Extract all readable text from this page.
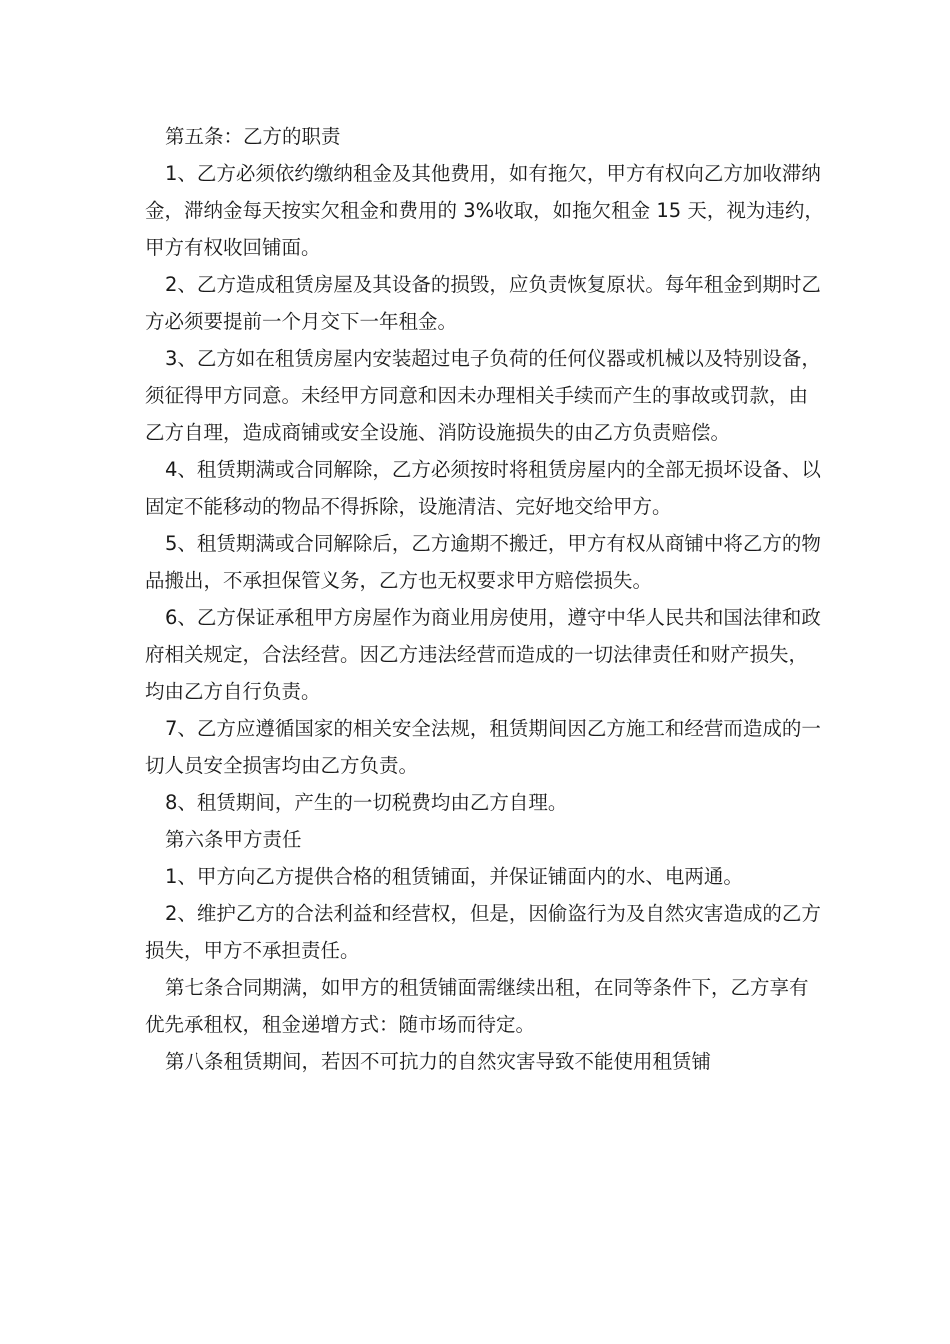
第五条：乙方的职责

1、乙方必须依约缴纳租金及其他费用，如有拖欠，甲方有权向乙方加收滞纳金，滞纳金每天按实欠租金和费用的 3%收取，如拖欠租金 15 天，视为违约，甲方有权收回铺面。

2、乙方造成租赁房屋及其设备的损毁，应负责恢复原状。每年租金到期时乙方必须要提前一个月交下一年租金。

3、乙方如在租赁房屋内安装超过电子负荷的任何仪器或机械以及特别设备，须征得甲方同意。未经甲方同意和因未办理相关手续而产生的事故或罚款，由乙方自理，造成商铺或安全设施、消防设施损失的由乙方负责赔偿。

4、租赁期满或合同解除，乙方必须按时将租赁房屋内的全部无损坏设备、以固定不能移动的物品不得拆除，设施清洁、完好地交给甲方。

5、租赁期满或合同解除后，乙方逾期不搬迁，甲方有权从商铺中将乙方的物品搬出，不承担保管义务，乙方也无权要求甲方赔偿损失。

6、乙方保证承租甲方房屋作为商业用房使用，遵守中华人民共和国法律和政府相关规定，合法经营。因乙方违法经营而造成的一切法律责任和财产损失，均由乙方自行负责。

7、乙方应遵循国家的相关安全法规，租赁期间因乙方施工和经营而造成的一切人员安全损害均由乙方负责。

8、租赁期间，产生的一切税费均由乙方自理。

第六条甲方责任

1、甲方向乙方提供合格的租赁铺面，并保证铺面内的水、电两通。

2、维护乙方的合法利益和经营权，但是，因偷盗行为及自然灾害造成的乙方损失，甲方不承担责任。

第七条合同期满，如甲方的租赁铺面需继续出租，在同等条件下，乙方享有优先承租权，租金递增方式：随市场而待定。

第八条租赁期间，若因不可抗力的自然灾害导致不能使用租赁铺
